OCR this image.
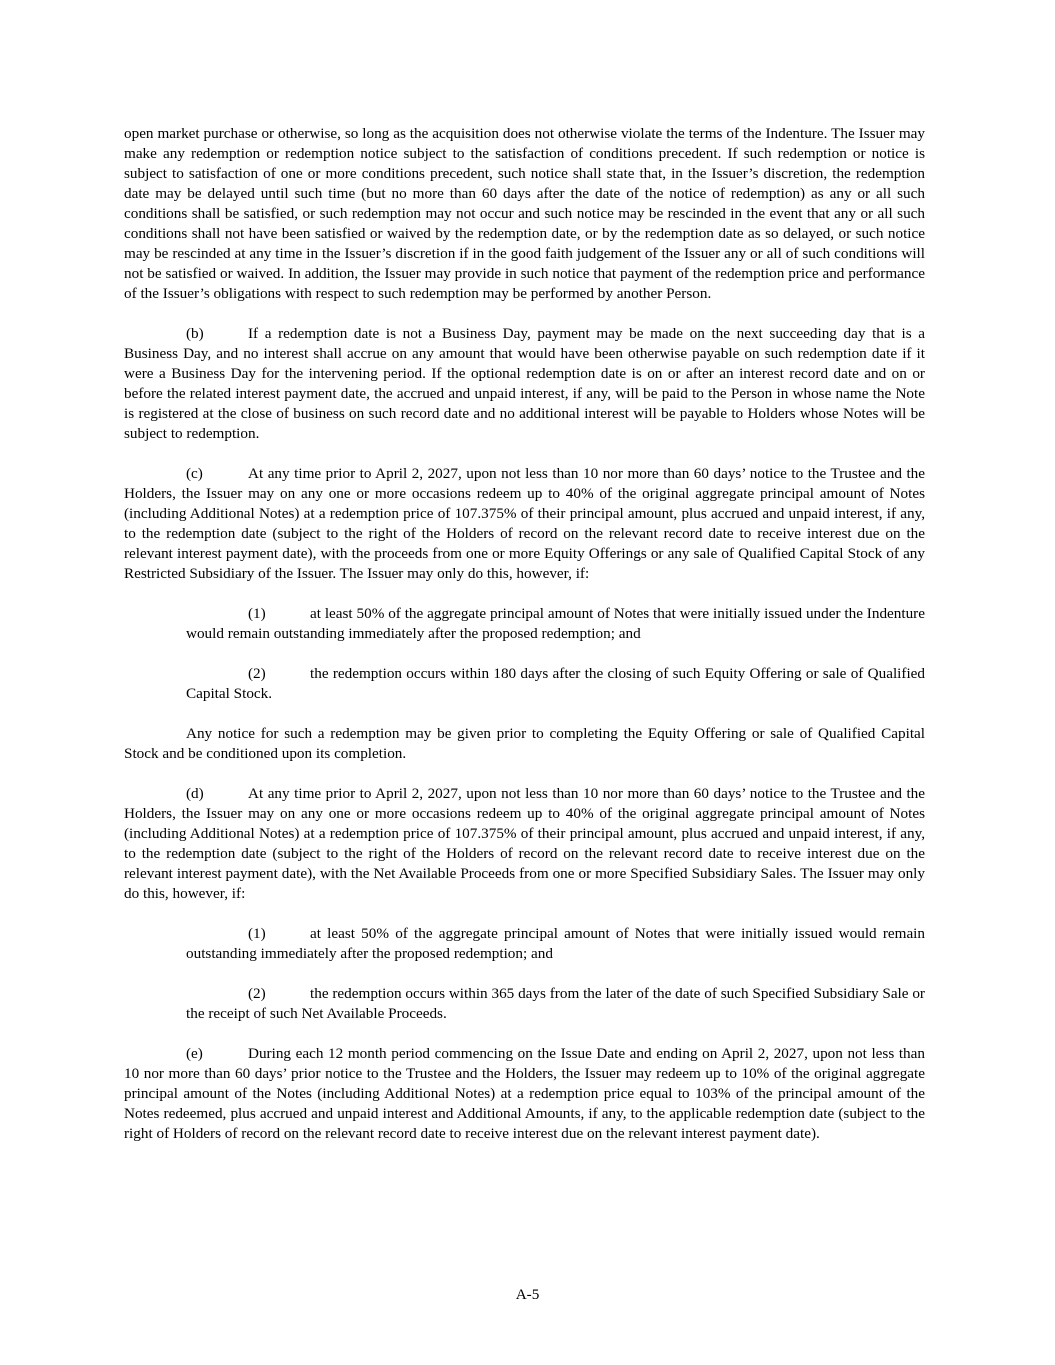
open market purchase or otherwise, so long as the acquisition does not otherwise violate the terms of the Indenture. The Issuer may make any redemption or redemption notice subject to the satisfaction of conditions precedent. If such redemption or notice is subject to satisfaction of one or more conditions precedent, such notice shall state that, in the Issuer’s discretion, the redemption date may be delayed until such time (but no more than 60 days after the date of the notice of redemption) as any or all such conditions shall be satisfied, or such redemption may not occur and such notice may be rescinded in the event that any or all such conditions shall not have been satisfied or waived by the redemption date, or by the redemption date as so delayed, or such notice may be rescinded at any time in the Issuer’s discretion if in the good faith judgement of the Issuer any or all of such conditions will not be satisfied or waived. In addition, the Issuer may provide in such notice that payment of the redemption price and performance of the Issuer’s obligations with respect to such redemption may be performed by another Person.

(b)	If a redemption date is not a Business Day, payment may be made on the next succeeding day that is a Business Day, and no interest shall accrue on any amount that would have been otherwise payable on such redemption date if it were a Business Day for the intervening period. If the optional redemption date is on or after an interest record date and on or before the related interest payment date, the accrued and unpaid interest, if any, will be paid to the Person in whose name the Note is registered at the close of business on such record date and no additional interest will be payable to Holders whose Notes will be subject to redemption.

(c)	At any time prior to April 2, 2027, upon not less than 10 nor more than 60 days’ notice to the Trustee and the Holders, the Issuer may on any one or more occasions redeem up to 40% of the original aggregate principal amount of Notes (including Additional Notes) at a redemption price of 107.375% of their principal amount, plus accrued and unpaid interest, if any, to the redemption date (subject to the right of the Holders of record on the relevant record date to receive interest due on the relevant interest payment date), with the proceeds from one or more Equity Offerings or any sale of Qualified Capital Stock of any Restricted Subsidiary of the Issuer. The Issuer may only do this, however, if:

(1)	at least 50% of the aggregate principal amount of Notes that were initially issued under the Indenture would remain outstanding immediately after the proposed redemption; and

(2)	the redemption occurs within 180 days after the closing of such Equity Offering or sale of Qualified Capital Stock.

Any notice for such a redemption may be given prior to completing the Equity Offering or sale of Qualified Capital Stock and be conditioned upon its completion.

(d)	At any time prior to April 2, 2027, upon not less than 10 nor more than 60 days’ notice to the Trustee and the Holders, the Issuer may on any one or more occasions redeem up to 40% of the original aggregate principal amount of Notes (including Additional Notes) at a redemption price of 107.375% of their principal amount, plus accrued and unpaid interest, if any, to the redemption date (subject to the right of the Holders of record on the relevant record date to receive interest due on the relevant interest payment date), with the Net Available Proceeds from one or more Specified Subsidiary Sales. The Issuer may only do this, however, if:

(1)	at least 50% of the aggregate principal amount of Notes that were initially issued would remain outstanding immediately after the proposed redemption; and

(2)	the redemption occurs within 365 days from the later of the date of such Specified Subsidiary Sale or the receipt of such Net Available Proceeds.

(e)	During each 12 month period commencing on the Issue Date and ending on April 2, 2027, upon not less than 10 nor more than 60 days’ prior notice to the Trustee and the Holders, the Issuer may redeem up to 10% of the original aggregate principal amount of the Notes (including Additional Notes) at a redemption price equal to 103% of the principal amount of the Notes redeemed, plus accrued and unpaid interest and Additional Amounts, if any, to the applicable redemption date (subject to the right of Holders of record on the relevant record date to receive interest due on the relevant interest payment date).

A-5
